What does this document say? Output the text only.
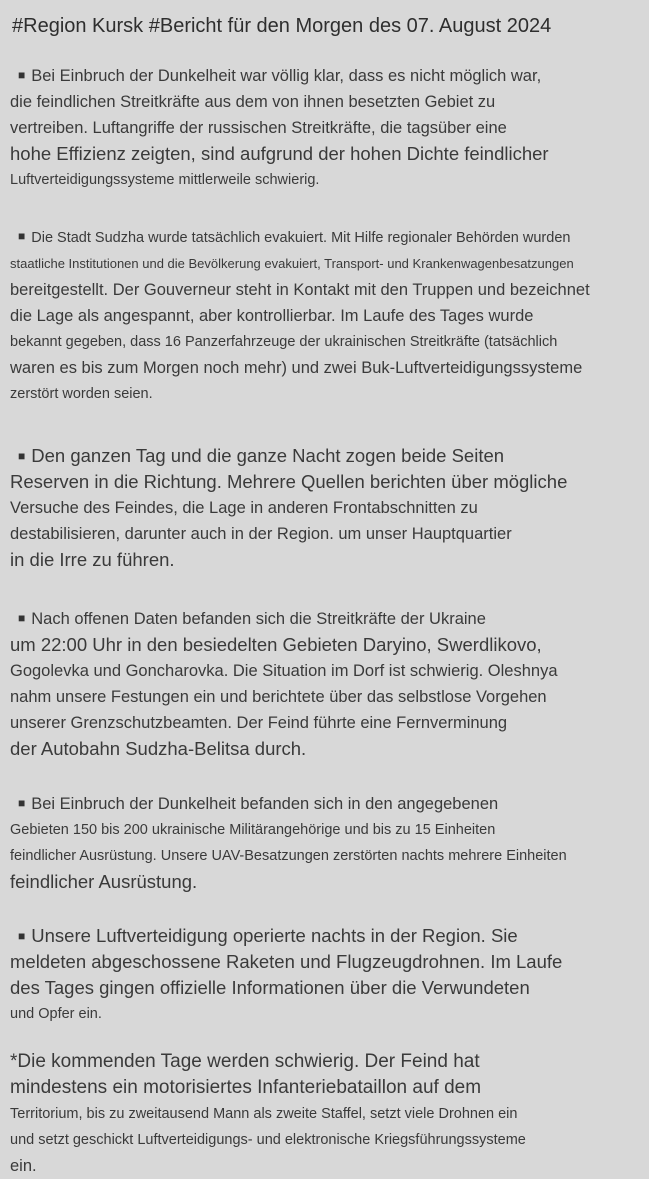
#Region Kursk #Bericht für den Morgen des 07. August 2024

■ Bei Einbruch der Dunkelheit war völlig klar, dass es nicht möglich war,
die feindlichen Streitkräfte aus dem von ihnen besetzten Gebiet zu
vertreiben. Luftangriffe der russischen Streitkräfte, die tagsüber eine
hohe Effizienz zeigten, sind aufgrund der hohen Dichte feindlicher
Luftverteidigungssysteme mittlerweile schwierig.

■ Die Stadt Sudzha wurde tatsächlich evakuiert. Mit Hilfe regionaler Behörden wurden
staatliche Institutionen und die Bevölkerung evakuiert, Transport- und Krankenwagenbesatzungen
bereitgestellt. Der Gouverneur steht in Kontakt mit den Truppen und bezeichnet
die Lage als angespannt, aber kontrollierbar. Im Laufe des Tages wurde
bekannt gegeben, dass 16 Panzerfahrzeuge der ukrainischen Streitkräfte (tatsächlich
waren es bis zum Morgen noch mehr) und zwei Buk-Luftverteidigungssysteme
zerstört worden seien.

■ Den ganzen Tag und die ganze Nacht zogen beide Seiten
Reserven in die Richtung. Mehrere Quellen berichten über mögliche
Versuche des Feindes, die Lage in anderen Frontabschnitten zu
destabilisieren, darunter auch in der Region. um unser Hauptquartier
in die Irre zu führen.

■ Nach offenen Daten befanden sich die Streitkräfte der Ukraine
um 22:00 Uhr in den besiedelten Gebieten Daryino, Swerdlikovo,
Gogolevka und Goncharovka. Die Situation im Dorf ist schwierig. Oleshnya
nahm unsere Festungen ein und berichtete über das selbstlose Vorgehen
unserer Grenzschutzbeamten. Der Feind führte eine Fernverminung
der Autobahn Sudzha-Belitsa durch.

■ Bei Einbruch der Dunkelheit befanden sich in den angegebenen
Gebieten 150 bis 200 ukrainische Militärangehörige und bis zu 15 Einheiten
feindlicher Ausrüstung. Unsere UAV-Besatzungen zerstörten nachts mehrere Einheiten
feindlicher Ausrüstung.

■ Unsere Luftverteidigung operierte nachts in der Region. Sie
meldeten abgeschossene Raketen und Flugzeugdrohnen. Im Laufe
des Tages gingen offizielle Informationen über die Verwundeten
und Opfer ein.

*Die kommenden Tage werden schwierig. Der Feind hat
mindestens ein motorisiertes Infanteriebataillon auf dem
Territorium, bis zu zweitausend Mann als zweite Staffel, setzt viele Drohnen ein
und setzt geschickt Luftverteidigungs- und elektronische Kriegsführungssysteme
ein.
